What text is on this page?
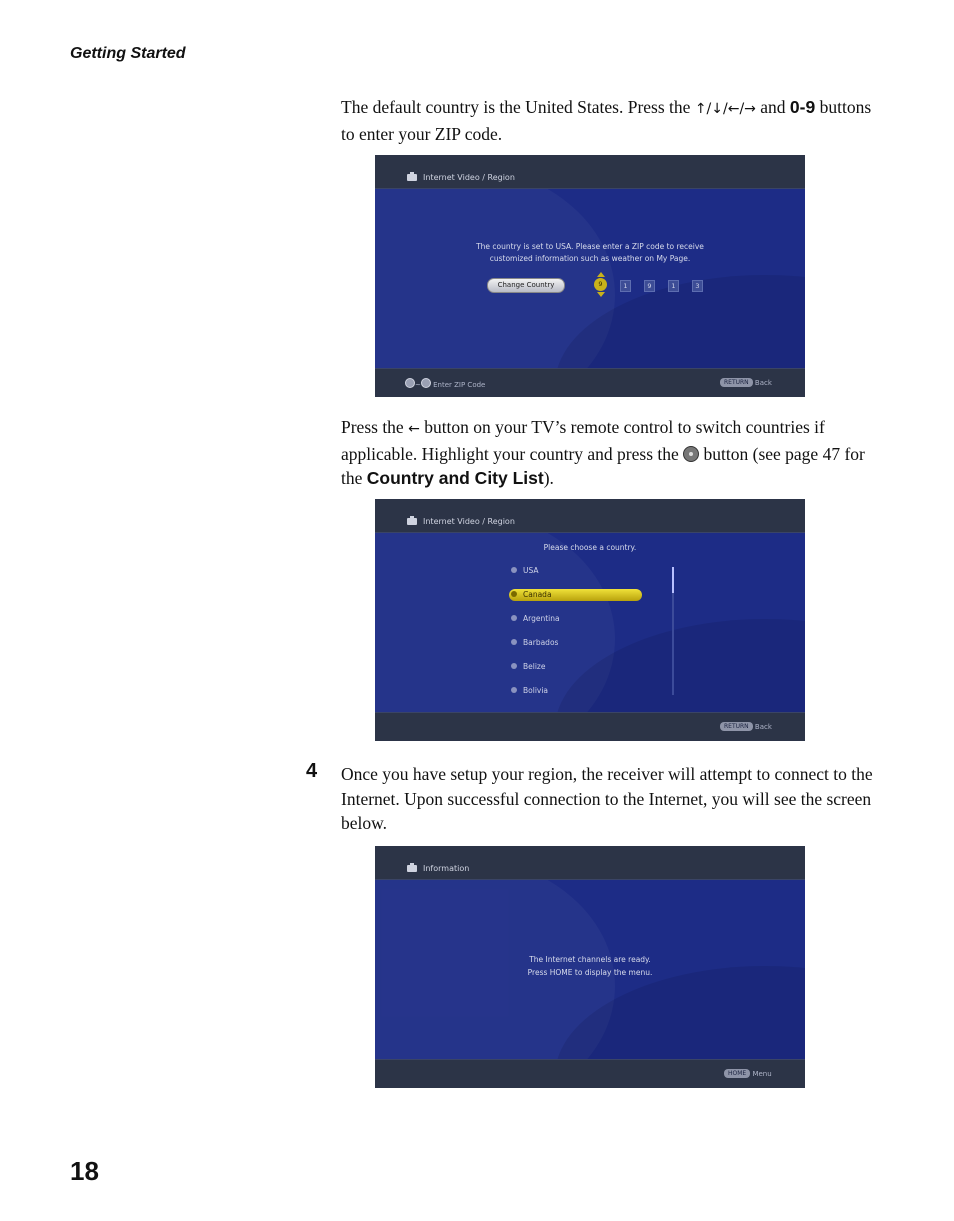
Getting Started
The default country is the United States. Press the ↑/↓/←/→ and 0-9 buttons to enter your ZIP code.
Internet Video / Region
The country is set to USA. Please enter a ZIP code to receive
customized information such as weather on My Page.
Change Country	9	1	9	1	3
~ Enter ZIP Code	RETURN Back
Press the ← button on your TV’s remote control to switch countries if applicable. Highlight your country and press the  button (see page 47 for the Country and City List).
Internet Video / Region
Please choose a country.
USA
Canada
Argentina
Barbados
Belize
Bolivia
RETURN Back
4 Once you have setup your region, the receiver will attempt to connect to the Internet. Upon successful connection to the Internet, you will see the screen below.
Information
The Internet channels are ready.
Press HOME to display the menu.
HOME Menu
18
